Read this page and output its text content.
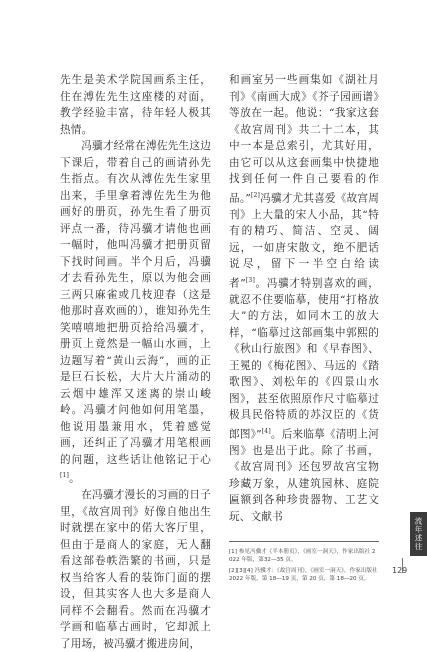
先生是美术学院国画系主任，住在溥佐先生这座楼的对面，教学经验丰富，待年轻人极其热情。

冯骥才经常在溥佐先生这边下课后，带着自己的画请孙先生指点。有次从溥佐先生家里出来，手里拿着溥佐先生为他画好的册页，孙先生看了册页评点一番，待冯骥才请他也画一幅时，他叫冯骥才把册页留下找时间画。半个月后，冯骥才去看孙先生，原以为他会画三两只麻雀或几枝迎春（这是他那时喜欢画的），谁知孙先生笑嘻嘻地把册页拾给冯骥才，册页上竟然是一幅山水画，上边题写着“黄山云海”，画的正是巨石长松，大片大片涌动的云烟中雄浑又迷离的崇山峻岭。冯骥才问他如何用笔墨，他说用墨兼用水，凭着感觉画，还纠正了冯骥才用笔根画的问题，这些话让他铭记于心[1]。

在冯骥才漫长的习画的日子里，《故宫周刊》好像自他出生时就摆在家中的偌大客厅里，但由于是商人的家庭，无人翻看这部卷帙浩繁的书画，只是权当给客人看的装饰门面的摆设，但其实客人也大多是商人同样不会翻看。然而在冯骥才学画和临摹古画时，它却派上了用场，被冯骥才搬进房间，

和画室另一些画集如《湖社月刊》《南画大成》《芥子园画谱》等放在一起。他说：“我家这套《故宫周刊》共二十二本，其中一本是总索引，尤其好用，由它可以从这套画集中快捷地找到任何一件自己要看的作品。”[2]冯骥才尤其喜爱《故宫周刊》上大量的宋人小品，其“特有的精巧、简洁、空灵、阔远，一如唐宋散文，绝不肥话说尽，留下一半空白给读者”[3]。冯骥才特别喜欢的画，就忍不住要临摹，使用“打格放大”的方法，如同木工的放大样，“临摹过这部画集中郭熙的《秋山行旅图》和《早春图》、王冕的《梅花图》、马远的《踏歌图》、刘松年的《四景山水图》，甚至依照原作尺寸临摹过极具民俗特质的苏汉臣的《货郎图》”[4]。后来临摹《清明上河图》也是出于此。除了书画，《故宫周刊》还包罗故宫宝物珍藏万象，从建筑园林、庭院匾额到各种珍贵器物、工艺文玩、文献书

[1] 参见冯骥才《半本册页》，《画室一洞天》，作家出版社 2022 年版，第32—35 页。

[2][3][4] 冯骥才：《故宫周刊》，《画室一洞天》，作家出版社 2022 年版，第 18—19 页，第 20 页，第 18—20 页。

流年述往
129
